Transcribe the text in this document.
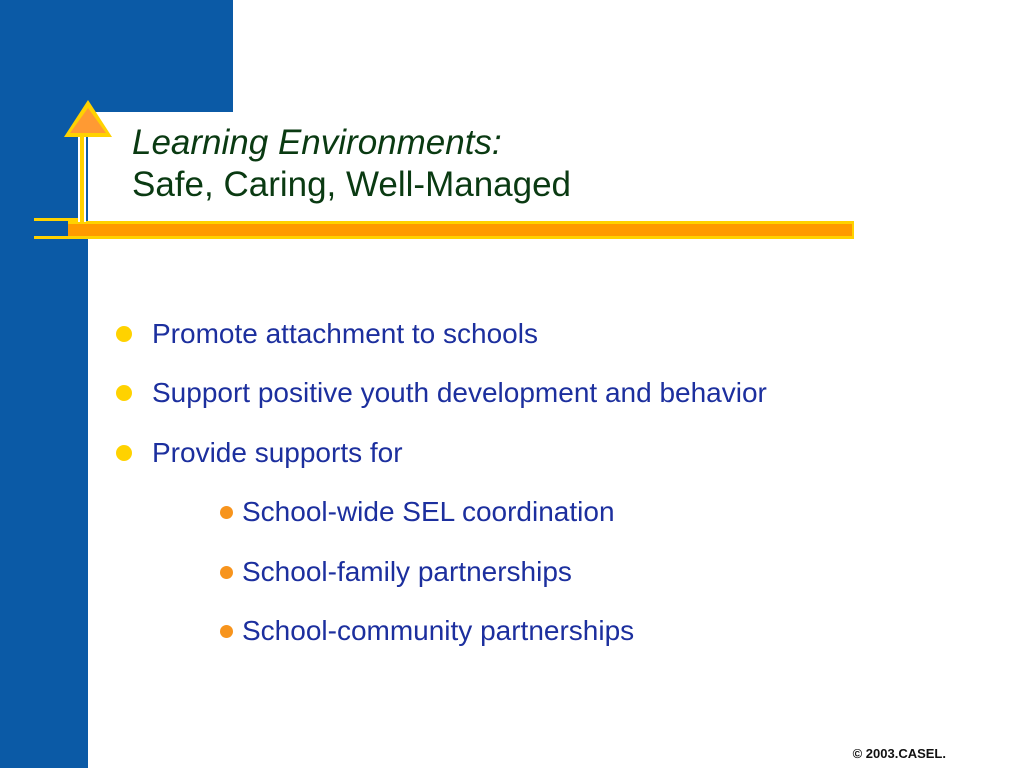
Learning Environments:
Safe, Caring, Well-Managed
Promote attachment to schools
Support positive youth development and behavior
Provide supports for
School-wide SEL coordination
School-family partnerships
School-community partnerships
© 2003.CASEL.
